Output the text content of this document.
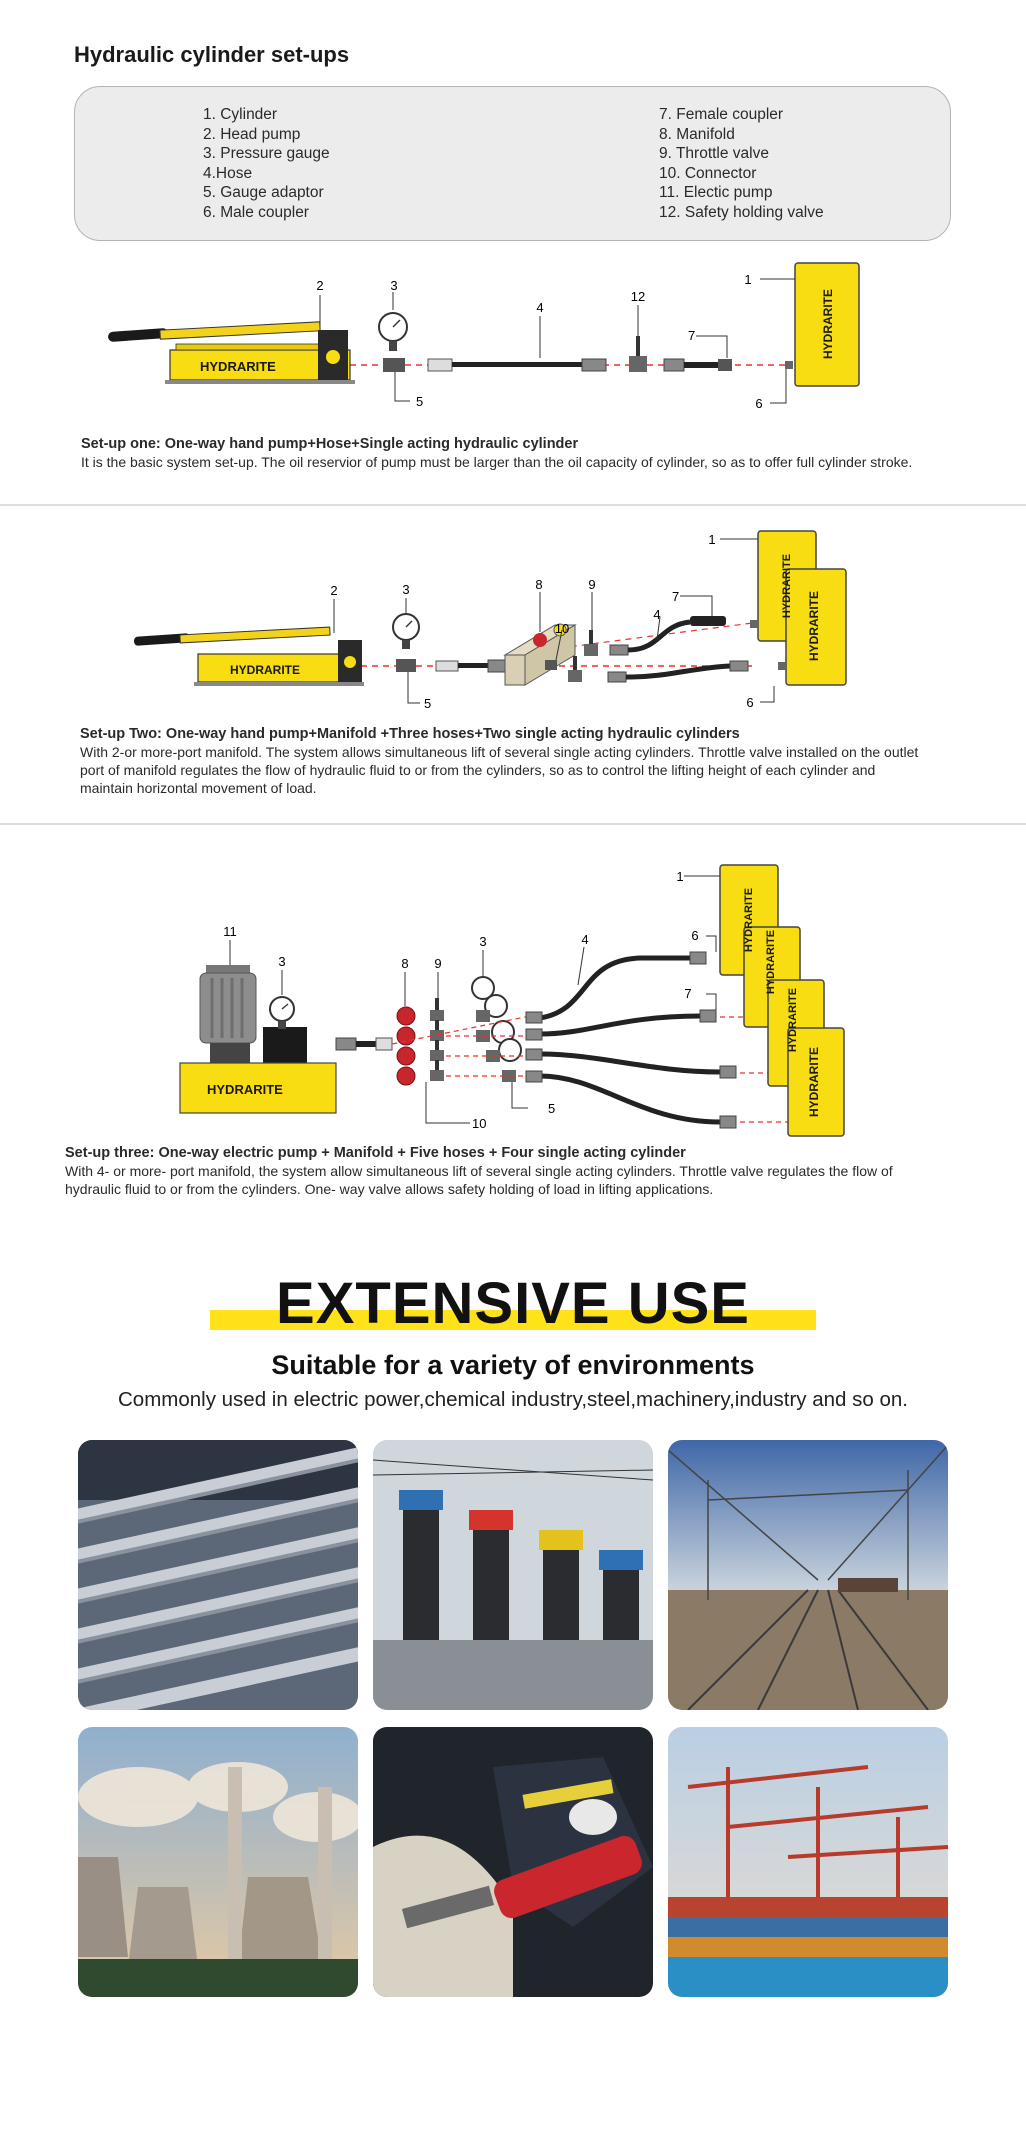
Hydraulic cylinder set-ups
1. Cylinder
2. Head pump
3. Pressure gauge
4.Hose
5. Gauge adaptor
6. Male coupler
7. Female coupler
8. Manifold
9. Throttle valve
10. Connector
11. Electic pump
12. Safety holding valve
HYDRARITE
HYDRARITE
2	3
5
4
12
7
6
1

Set-up one: One-way hand pump+Hose+Single acting hydraulic cylinder

It is the basic system set-up. The oil reservior of pump must be larger than the oil capacity of cylinder, so as to offer full cylinder stroke.

HYDRARITE
HYDRARITE
HYDRARITE
2	3
5
8	9
10
7
4
6
1

Set-up Two: One-way hand pump+Manifold +Three hoses+Two single acting hydraulic cylinders

With 2-or more-port manifold. The system allows simultaneous lift of several single acting cylinders. Throttle valve installed on the outlet

port of manifold regulates the flow of hydraulic fluid to or from the cylinders, so as to control the lifting height of each cylinder and

maintain horizontal movement of load.

HYDRARITE
HYDRARITE
HYDRARITE
HYDRARITE
HYDRARITE
11
3	8 9
3	4	6
7
1
5
10

Set-up three: One-way electric pump + Manifold + Five hoses + Four single acting cylinder

With 4- or more- port manifold, the system allow simultaneous lift of several single acting cylinders. Throttle valve regulates the flow of

hydraulic fluid to or from the cylinders. One- way valve allows safety holding of load in lifting applications.

EXTENSIVE USE
Suitable for a variety of environments
Commonly used in electric power,chemical industry,steel,machinery,industry and so on.
